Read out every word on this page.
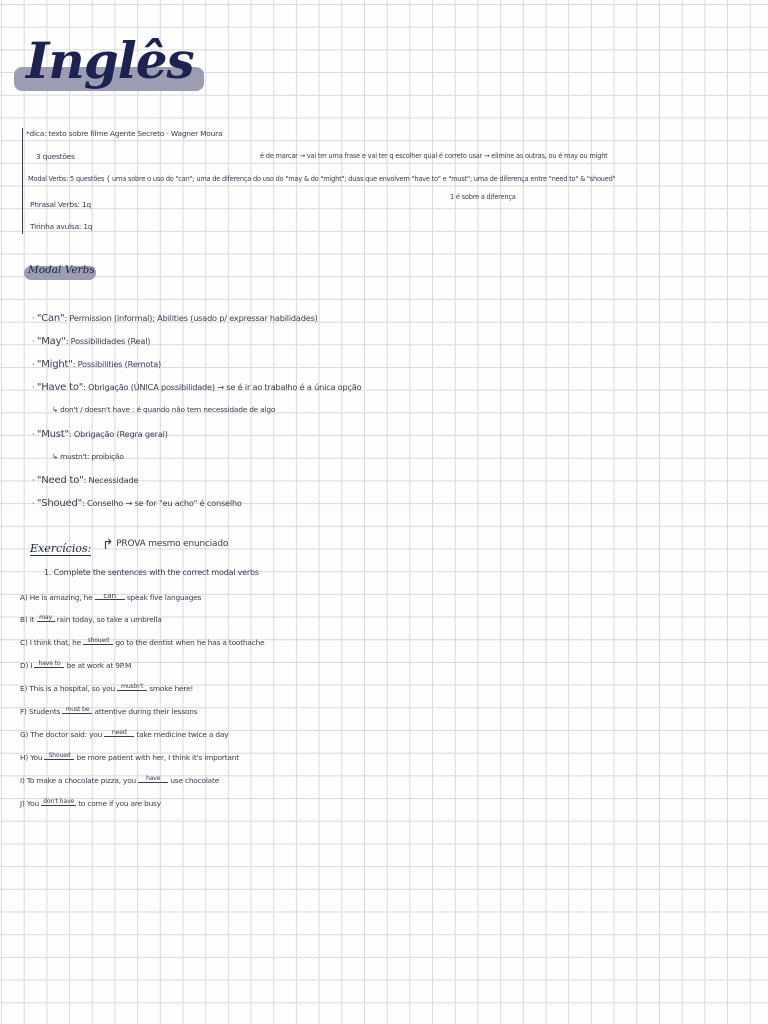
Inglês
*dica: texto sobre filme Agente Secreto - Wagner Moura
3 questões	é de marcar → vai ter uma frase e vai ter q escolher qual é correto usar → elimine as outras, ou é may ou might
Modal Verbs: 5 questões { uma sobre o uso do "can"; uma de diferença do uso do "may & do "might"; duas que envolvem "have to" e "must"; uma de diferença entre "need to" & "shoued"
1 é sobre a diferença
Phrasal Verbs: 1q
Tirinha avulsa: 1q
Modal Verbs
· "Can": Permission (informal); Abilities (usado p/ expressar habilidades)
· "May": Possibilidades (Real)
· "Might": Possibilities (Remota)
· "Have to": Obrigação (ÚNICA possibilidade) → se é ir ao trabalho é a única opção
↳ don't / doesn't have : é quando não tem necessidade de algo
· "Must": Obrigação (Regra geral)
↳ mustn't: proibição
· "Need to": Necessidade
· "Shoued": Conselho → se for "eu acho" é conselho
Exercícios: ↱ PROVA mesmo enunciado
1. Complete the sentences with the correct modal verbs
A) He is amazing, he can speak five languages
B) It may rain today, so take a umbrella
C) I think that, he shoued go to the dentist when he has a toothache
D) I have to be at work at 9P.M
E) This is a hospital, so you mustn't smoke here!
F) Students must be attentive during their lessons
G) The doctor said: you need take medicine twice a day
H) You Shoued be more patient with her, I think it's important
I) To make a chocolate pizza, you have use chocolate
J) You don't have to come if you are busy
